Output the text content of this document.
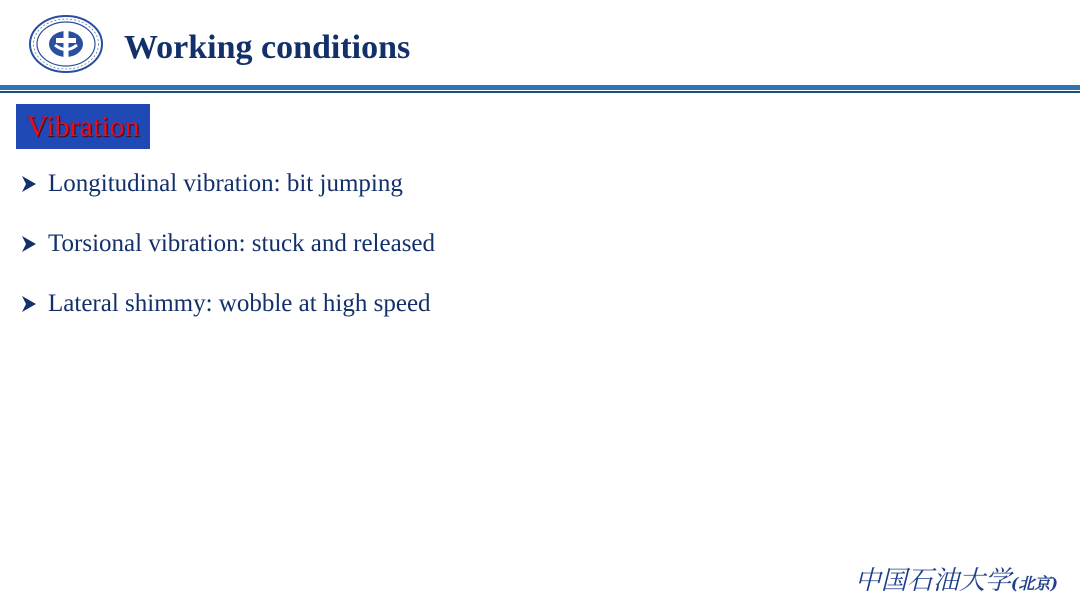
Working conditions
Vibration
Longitudinal vibration: bit jumping
Torsional vibration: stuck and released
Lateral shimmy: wobble at high speed
中国石油大学(北京)
